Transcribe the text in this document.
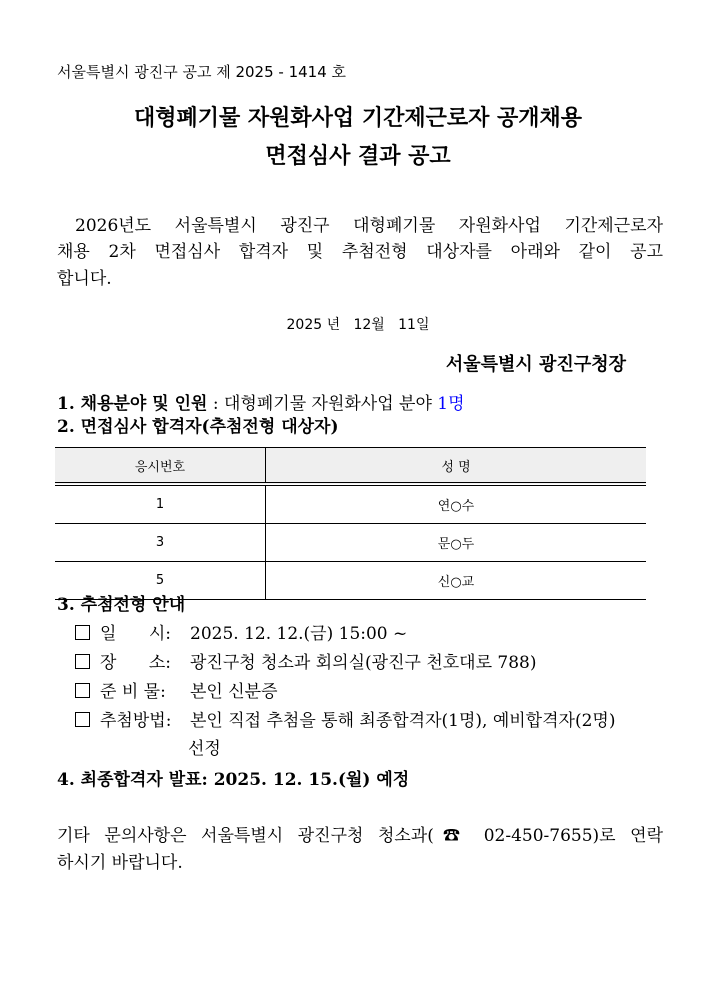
서울특별시 광진구 공고 제 2025 - 1414 호
대형폐기물 자원화사업 기간제근로자 공개채용
면접심사 결과 공고
2026년도 서울특별시 광진구 대형폐기물 자원화사업 기간제근로자
채용 2차 면접심사 합격자 및 추첨전형 대상자를 아래와 같이 공고
합니다.
2025 년   12월   11일
서울특별시 광진구청장
1. 채용분야 및 인원 : 대형폐기물 자원화사업 분야 1명
2. 면접심사 합격자(추첨전형 대상자)
응시번호	성 명
1	연○수
3	문○두
5	신○교
3. 추첨전형 안내
일      시: 2025. 12. 12.(금) 15:00 ~
장      소: 광진구청 청소과 회의실(광진구 천호대로 788)
준 비 물: 본인 신분증
추첨방법: 본인 직접 추첨을 통해 최종합격자(1명), 예비합격자(2명)
선정
4. 최종합격자 발표: 2025. 12. 15.(월) 예정
기타 문의사항은 서울특별시 광진구청 청소과(☎ 02-450-7655)로 연락
하시기 바랍니다.
